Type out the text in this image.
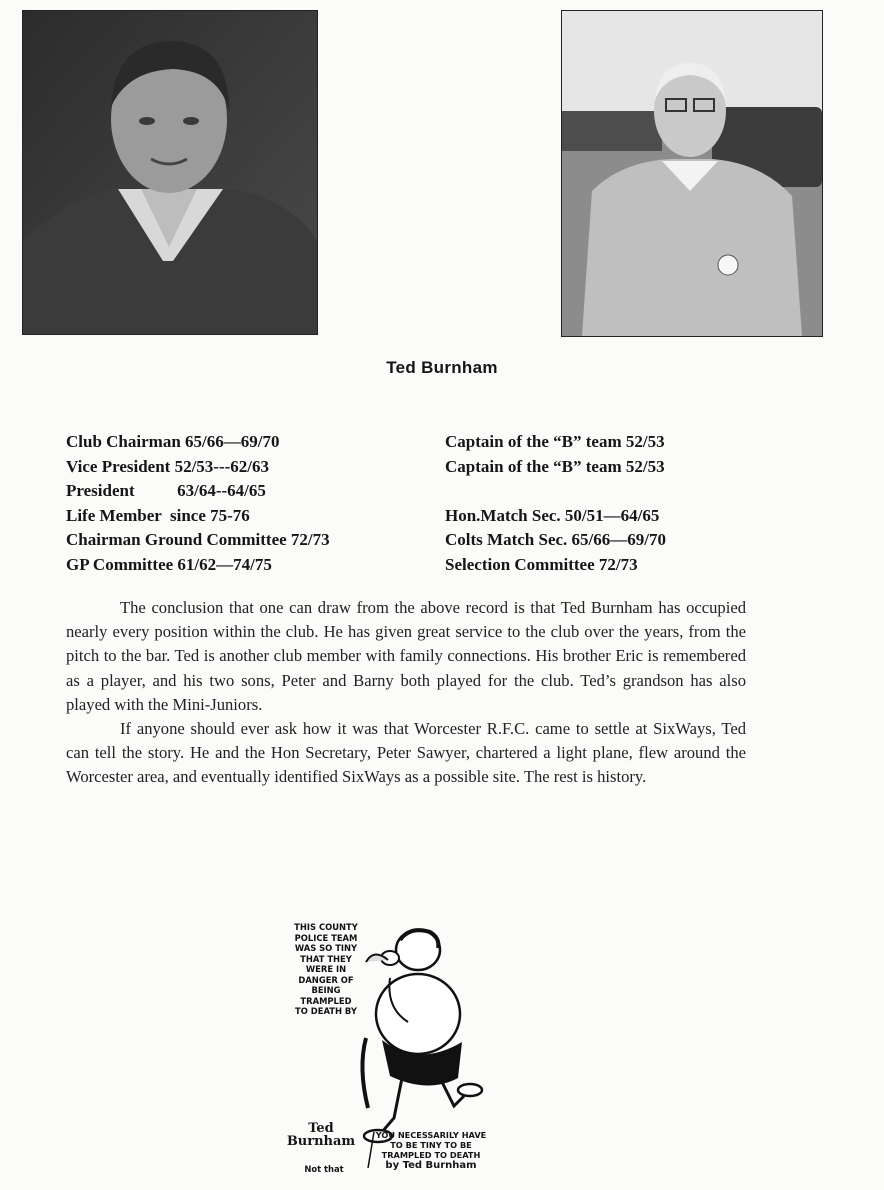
Ted Burnham
Club Chairman 65/66—69/70
Vice President 52/53---62/63
President          63/64--64/65
Life Member  since 75-76
Chairman Ground Committee 72/73
GP Committee 61/62—74/75
Captain of the “B” team 52/53
Captain of the “B” team 52/53
Hon.Match Sec. 50/51—64/65
Colts Match Sec. 65/66—69/70
Selection Committee 72/73

The conclusion that one can draw from the above record is that Ted Burnham has occupied nearly every position within the club. He has given great service to the club over the years, from the pitch to the bar. Ted is another club member with family connections. His brother Eric is remembered as a player, and his two sons, Peter and Barny both played for the club. Ted’s grandson has also played with the Mini-Juniors.

If anyone should ever ask how it was that Worcester R.F.C. came to settle at SixWays, Ted can tell the story. He and the Hon Secretary, Peter Sawyer, chartered a light plane, flew around the Worcester area, and eventually identified SixWays as a possible site. The rest is history.

THIS COUNTY POLICE TEAM WAS SO TINY THAT THEY WERE IN DANGER OF BEING TRAMPLED TO DEATH BY
Ted Burnham
Not that
YOU NECESSARILY HAVE TO BE TINY TO BE TRAMPLED TO DEATH
by Ted Burnham
